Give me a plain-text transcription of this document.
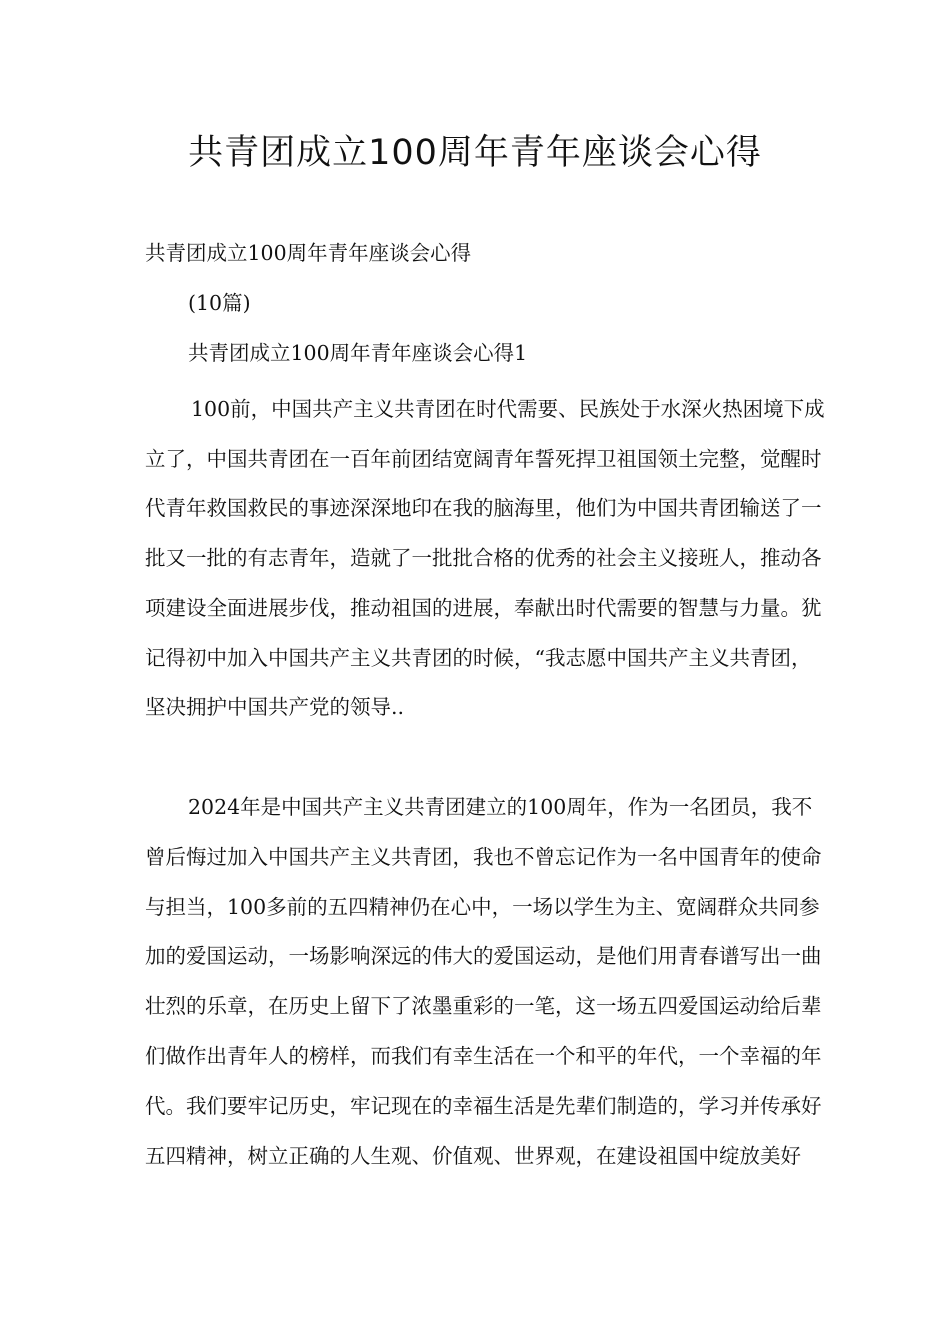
共青团成立100周年青年座谈会心得

共青团成立100周年青年座谈会心得

(10篇)

共青团成立100周年青年座谈会心得1

100前，中国共产主义共青团在时代需要、民族处于水深火热困境下成立了，中国共青团在一百年前团结宽阔青年誓死捍卫祖国领土完整，觉醒时代青年救国救民的事迹深深地印在我的脑海里，他们为中国共青团输送了一批又一批的有志青年，造就了一批批合格的优秀的社会主义接班人，推动各项建设全面进展步伐，推动祖国的进展，奉献出时代需要的智慧与力量。犹记得初中加入中国共产主义共青团的时候，“我志愿中国共产主义共青团，坚决拥护中国共产党的领导..

2024年是中国共产主义共青团建立的100周年，作为一名团员，我不曾后悔过加入中国共产主义共青团，我也不曾忘记作为一名中国青年的使命与担当，100多前的五四精神仍在心中，一场以学生为主、宽阔群众共同参加的爱国运动，一场影响深远的伟大的爱国运动，是他们用青春谱写出一曲壮烈的乐章，在历史上留下了浓墨重彩的一笔，这一场五四爱国运动给后辈们做作出青年人的榜样，而我们有幸生活在一个和平的年代，一个幸福的年代。我们要牢记历史，牢记现在的幸福生活是先辈们制造的，学习并传承好五四精神，树立正确的人生观、价值观、世界观，在建设祖国中绽放美好
